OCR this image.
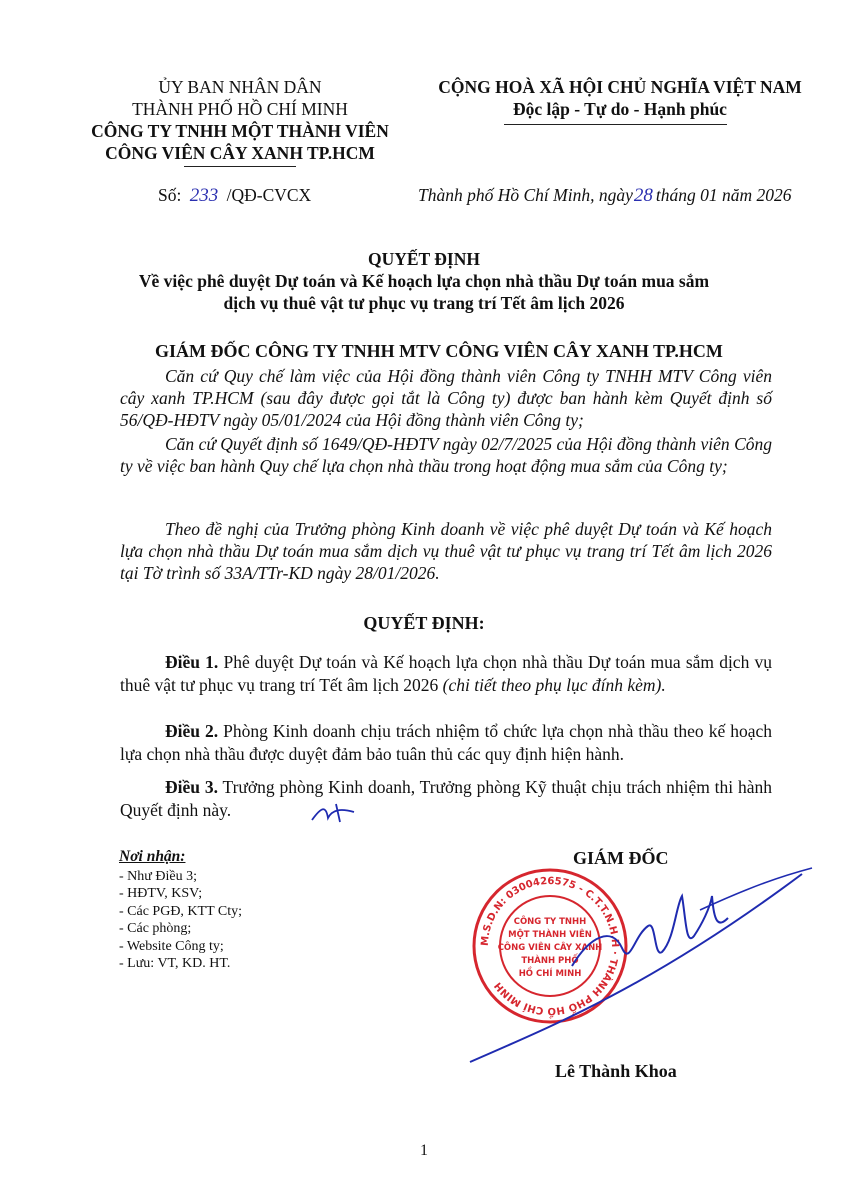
ỦY BAN NHÂN DÂN
THÀNH PHỐ HỒ CHÍ MINH
CÔNG TY TNHH MỘT THÀNH VIÊN
CÔNG VIÊN CÂY XANH TP.HCM
CỘNG HOÀ XÃ HỘI CHỦ NGHĨA VIỆT NAM
Độc lập - Tự do - Hạnh phúc
Số: 233 /QĐ-CVCX	Thành phố Hồ Chí Minh, ngày28 tháng 01 năm 2026
QUYẾT ĐỊNH
Về việc phê duyệt Dự toán và Kế hoạch lựa chọn nhà thầu Dự toán mua sắm
dịch vụ thuê vật tư phục vụ trang trí Tết âm lịch 2026
GIÁM ĐỐC CÔNG TY TNHH MTV CÔNG VIÊN CÂY XANH TP.HCM
Căn cứ Quy chế làm việc của Hội đồng thành viên Công ty TNHH MTV Công viên cây xanh TP.HCM (sau đây được gọi tắt là Công ty) được ban hành kèm Quyết định số 56/QĐ-HĐTV ngày 05/01/2024 của Hội đồng thành viên Công ty;
Căn cứ Quyết định số 1649/QĐ-HĐTV ngày 02/7/2025 của Hội đồng thành viên Công ty về việc ban hành Quy chế lựa chọn nhà thầu trong hoạt động mua sắm của Công ty;
Theo đề nghị của Trưởng phòng Kinh doanh về việc phê duyệt Dự toán và Kế hoạch lựa chọn nhà thầu Dự toán mua sắm dịch vụ thuê vật tư phục vụ trang trí Tết âm lịch 2026 tại Tờ trình số 33A/TTr-KD ngày 28/01/2026.
QUYẾT ĐỊNH:
Điều 1. Phê duyệt Dự toán và Kế hoạch lựa chọn nhà thầu Dự toán mua sắm dịch vụ thuê vật tư phục vụ trang trí Tết âm lịch 2026 (chi tiết theo phụ lục đính kèm).
Điều 2. Phòng Kinh doanh chịu trách nhiệm tổ chức lựa chọn nhà thầu theo kế hoạch lựa chọn nhà thầu được duyệt đảm bảo tuân thủ các quy định hiện hành.
Điều 3. Trưởng phòng Kinh doanh, Trưởng phòng Kỹ thuật chịu trách nhiệm thi hành Quyết định này.
Nơi nhận:
- Như Điều 3;
- HĐTV, KSV;
- Các PGĐ, KTT Cty;
- Các phòng;
- Website Công ty;
- Lưu: VT, KD. HT.
GIÁM ĐỐC
M.S.D.N: 0300426575 - C.T.T.N.H.H · THÀNH PHỐ HỒ CHÍ MINH
CÔNG TY TNHH
MỘT THÀNH VIÊN
CÔNG VIÊN CÂY XANH
THÀNH PHỐ
HỒ CHÍ MINH
Lê Thành Khoa
1
